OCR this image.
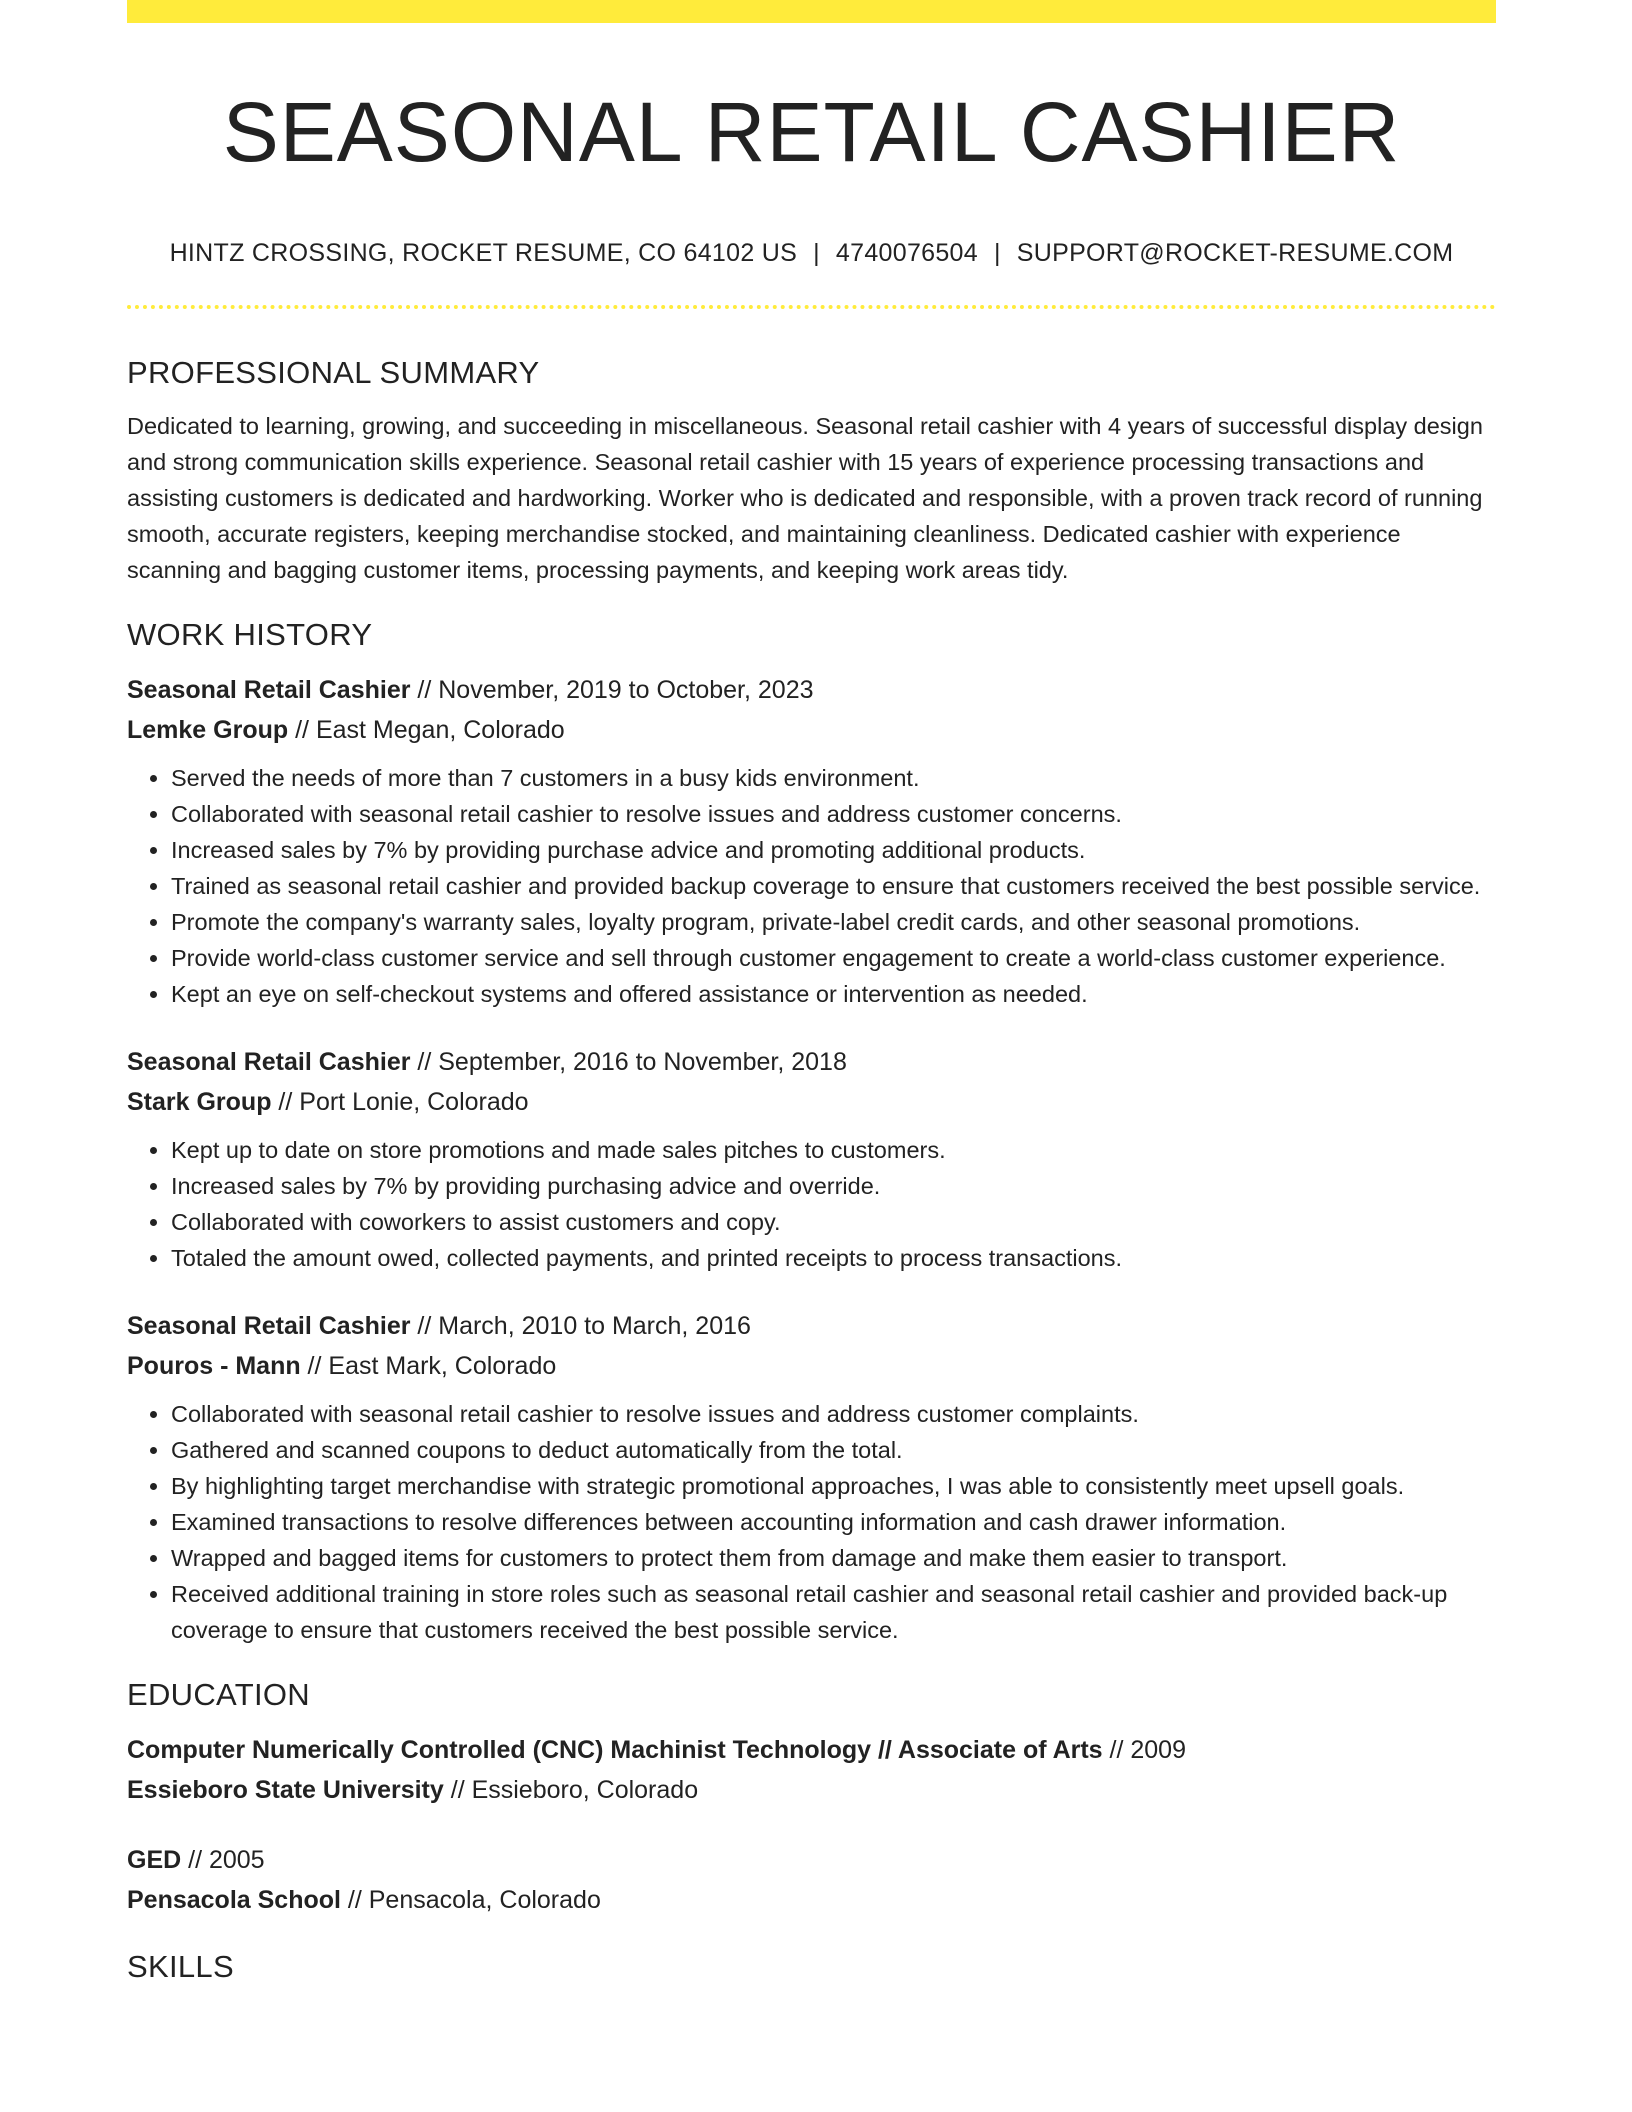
SEASONAL RETAIL CASHIER
HINTZ CROSSING, ROCKET RESUME, CO 64102 US | 4740076504 | SUPPORT@ROCKET-RESUME.COM
PROFESSIONAL SUMMARY

Dedicated to learning, growing, and succeeding in miscellaneous. Seasonal retail cashier with 4 years of successful display design and strong communication skills experience. Seasonal retail cashier with 15 years of experience processing transactions and assisting customers is dedicated and hardworking. Worker who is dedicated and responsible, with a proven track record of running smooth, accurate registers, keeping merchandise stocked, and maintaining cleanliness. Dedicated cashier with experience scanning and bagging customer items, processing payments, and keeping work areas tidy.

WORK HISTORY
Seasonal Retail Cashier // November, 2019 to October, 2023
Lemke Group // East Megan, Colorado
• Served the needs of more than 7 customers in a busy kids environment.
• Collaborated with seasonal retail cashier to resolve issues and address customer concerns.
• Increased sales by 7% by providing purchase advice and promoting additional products.
• Trained as seasonal retail cashier and provided backup coverage to ensure that customers received the best possible service.
• Promote the company's warranty sales, loyalty program, private-label credit cards, and other seasonal promotions.
• Provide world-class customer service and sell through customer engagement to create a world-class customer experience.
• Kept an eye on self-checkout systems and offered assistance or intervention as needed.
Seasonal Retail Cashier // September, 2016 to November, 2018
Stark Group // Port Lonie, Colorado
• Kept up to date on store promotions and made sales pitches to customers.
• Increased sales by 7% by providing purchasing advice and override.
• Collaborated with coworkers to assist customers and copy.
• Totaled the amount owed, collected payments, and printed receipts to process transactions.
Seasonal Retail Cashier // March, 2010 to March, 2016
Pouros - Mann // East Mark, Colorado
• Collaborated with seasonal retail cashier to resolve issues and address customer complaints.
• Gathered and scanned coupons to deduct automatically from the total.
• By highlighting target merchandise with strategic promotional approaches, I was able to consistently meet upsell goals.
• Examined transactions to resolve differences between accounting information and cash drawer information.
• Wrapped and bagged items for customers to protect them from damage and make them easier to transport.
• Received additional training in store roles such as seasonal retail cashier and seasonal retail cashier and provided back-up coverage to ensure that customers received the best possible service.
EDUCATION
Computer Numerically Controlled (CNC) Machinist Technology // Associate of Arts // 2009
Essieboro State University // Essieboro, Colorado
GED // 2005
Pensacola School // Pensacola, Colorado
SKILLS
